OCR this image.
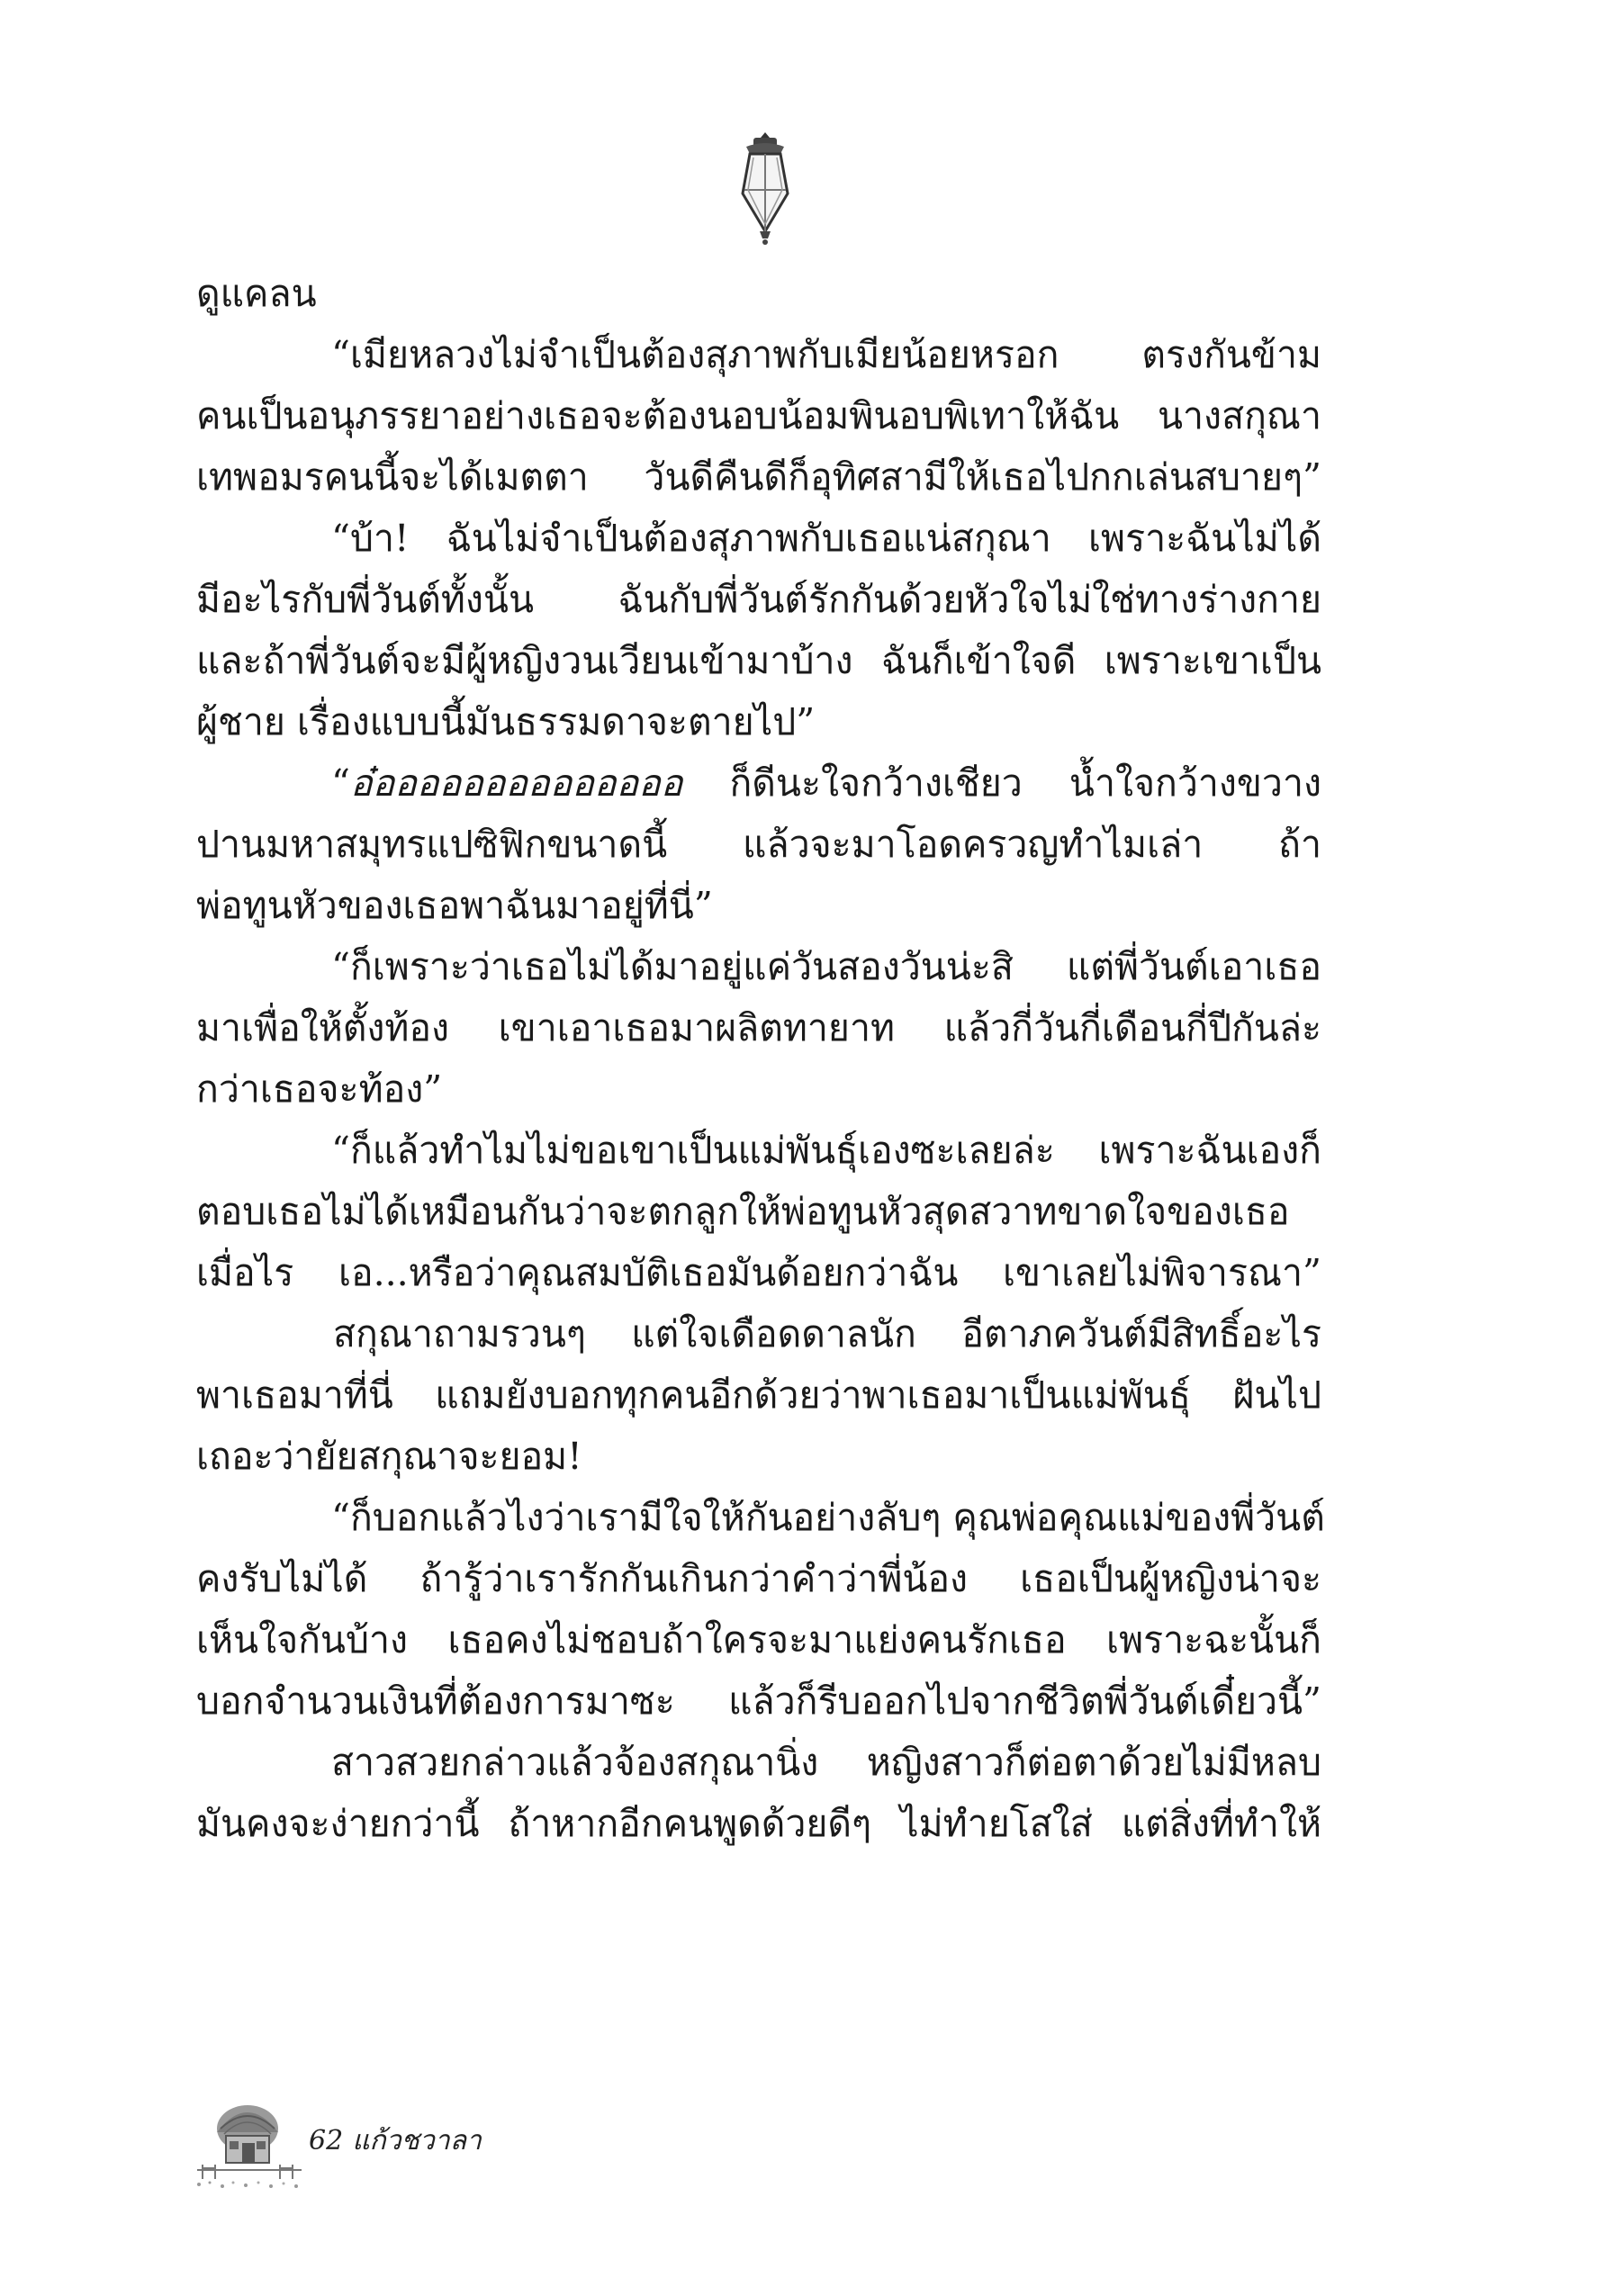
ดูแคลน
“เมียหลวงไม่จำเป็นต้องสุภาพกับเมียน้อยหรอก ตรงกันข้าม
คนเป็นอนุภรรยาอย่างเธอจะต้องนอบน้อมพินอบพิเทาให้ฉัน นางสกุณา
เทพอมรคนนี้จะได้เมตตา วันดีคืนดีก็อุทิศสามีให้เธอไปกกเล่นสบายๆ”
“บ้า! ฉันไม่จำเป็นต้องสุภาพกับเธอแน่สกุณา เพราะฉันไม่ได้
มีอะไรกับพี่วันต์ทั้งนั้น ฉันกับพี่วันต์รักกันด้วยหัวใจไม่ใช่ทางร่างกาย
และถ้าพี่วันต์จะมีผู้หญิงวนเวียนเข้ามาบ้าง ฉันก็เข้าใจดี เพราะเขาเป็น
ผู้ชาย เรื่องแบบนี้มันธรรมดาจะตายไป”
“อ๋ออออออออออออออ ก็ดีนะใจกว้างเชียว น้ำใจกว้างขวาง
ปานมหาสมุทรแปซิฟิกขนาดนี้ แล้วจะมาโอดครวญทำไมเล่า ถ้า
พ่อทูนหัวของเธอพาฉันมาอยู่ที่นี่”
“ก็เพราะว่าเธอไม่ได้มาอยู่แค่วันสองวันน่ะสิ แต่พี่วันต์เอาเธอ
มาเพื่อให้ตั้งท้อง เขาเอาเธอมาผลิตทายาท แล้วกี่วันกี่เดือนกี่ปีกันล่ะ
กว่าเธอจะท้อง”
“ก็แล้วทำไมไม่ขอเขาเป็นแม่พันธุ์เองซะเลยล่ะ เพราะฉันเองก็
ตอบเธอไม่ได้เหมือนกันว่าจะตกลูกให้พ่อทูนหัวสุดสวาทขาดใจของเธอ
เมื่อไร เอ...หรือว่าคุณสมบัติเธอมันด้อยกว่าฉัน เขาเลยไม่พิจารณา”
สกุณาถามรวนๆ แต่ใจเดือดดาลนัก อีตาภควันต์มีสิทธิ์อะไร
พาเธอมาที่นี่ แถมยังบอกทุกคนอีกด้วยว่าพาเธอมาเป็นแม่พันธุ์ ฝันไป
เถอะว่ายัยสกุณาจะยอม!
“ก็บอกแล้วไงว่าเรามีใจให้กันอย่างลับๆ คุณพ่อคุณแม่ของพี่วันต์
คงรับไม่ได้ ถ้ารู้ว่าเรารักกันเกินกว่าคำว่าพี่น้อง เธอเป็นผู้หญิงน่าจะ
เห็นใจกันบ้าง เธอคงไม่ชอบถ้าใครจะมาแย่งคนรักเธอ เพราะฉะนั้นก็
บอกจำนวนเงินที่ต้องการมาซะ แล้วก็รีบออกไปจากชีวิตพี่วันต์เดี๋ยวนี้”
สาวสวยกล่าวแล้วจ้องสกุณานิ่ง หญิงสาวก็ต่อตาด้วยไม่มีหลบ
มันคงจะง่ายกว่านี้ ถ้าหากอีกคนพูดด้วยดีๆ ไม่ทำยโสใส่ แต่สิ่งที่ทำให้
62 แก้วชวาลา
